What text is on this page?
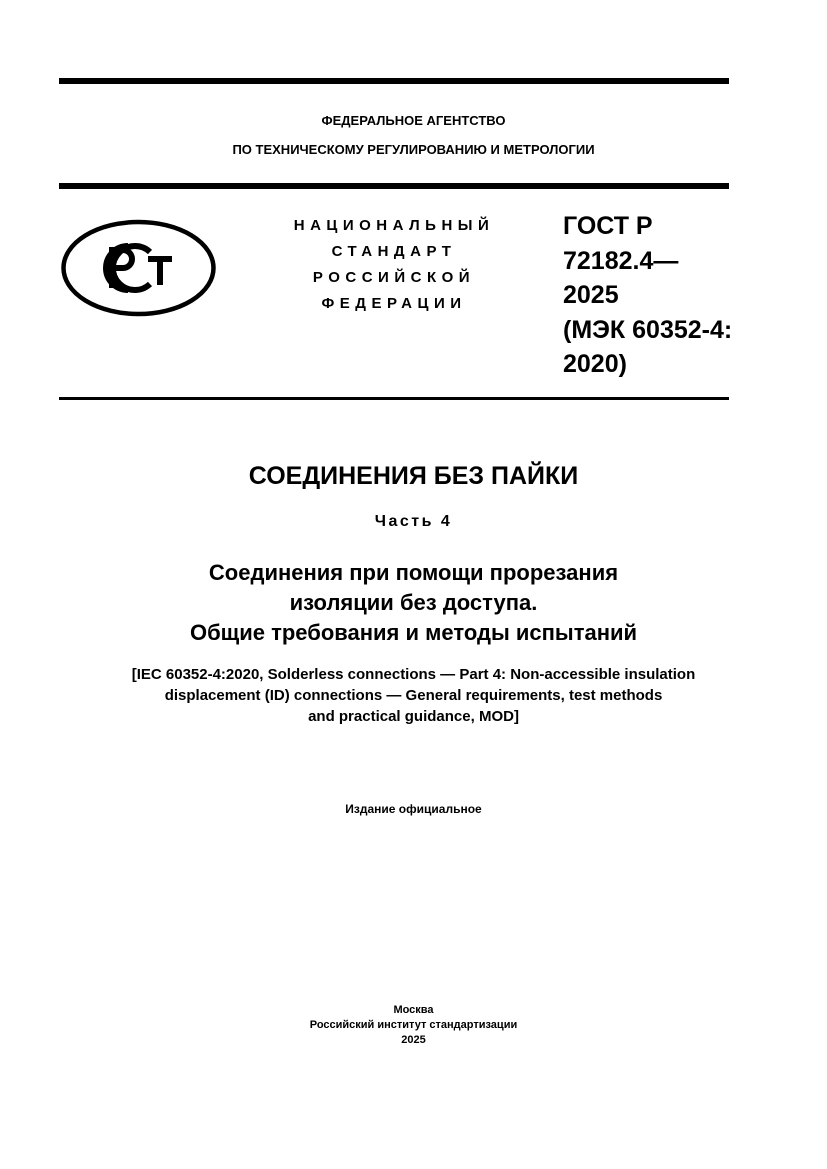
ФЕДЕРАЛЬНОЕ АГЕНТСТВО
ПО ТЕХНИЧЕСКОМУ РЕГУЛИРОВАНИЮ И МЕТРОЛОГИИ
НАЦИОНАЛЬНЫЙ
СТАНДАРТ
РОССИЙСКОЙ
ФЕДЕРАЦИИ
ГОСТ Р
72182.4—
2025
(МЭК 60352-4:
2020)
СОЕДИНЕНИЯ БЕЗ ПАЙКИ
Часть 4
Соединения при помощи прорезания
изоляции без доступа.
Общие требования и методы испытаний
[IEC 60352-4:2020, Solderless connections — Part 4: Non-accessible insulation
displacement (ID) connections — General requirements, test methods
and practical guidance, MOD]
Издание официальное
Москва
Российский институт стандартизации
2025
